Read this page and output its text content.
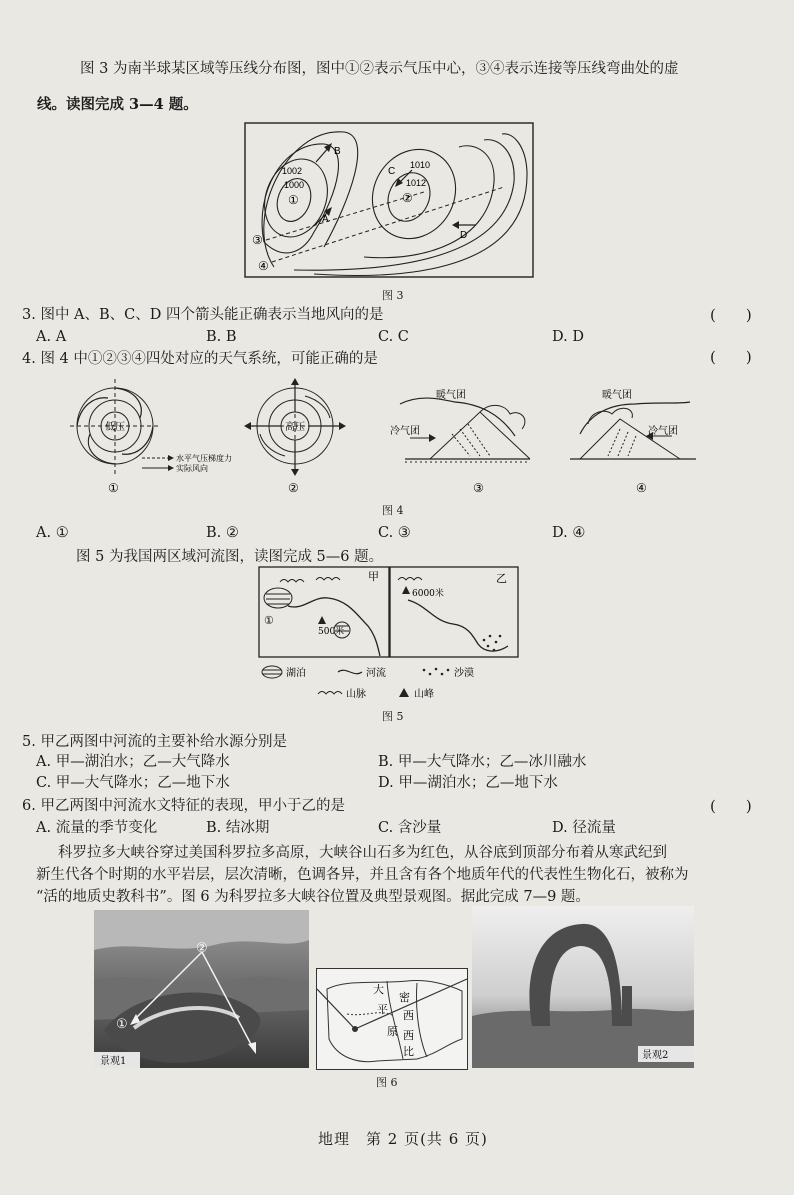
图 3 为南半球某区域等压线分布图，图中①②表示气压中心，③④表示连接等压线弯曲处的虚
线。读图完成 3—4 题。
1002
1000
①
1010
1012
②
③
④
A
B
C
D
图 3
3. 图中 A、B、C、D 四个箭头能正确表示当地风向的是	(　　)
A. A	B. B	C. C	D. D
4. 图 4 中①②③④四处对应的天气系统，可能正确的是	(　　)
低压
水平气压梯度力
实际风向
①
高压
②
暖气团
冷气团
③
暖气团
冷气团
④
图 4
A. ①	B. ②	C. ③	D. ④
图 5 为我国两区域河流图，读图完成 5—6 题。
500米
①
甲
6000米
乙
湖泊	河流	沙漠
山脉	山峰
图 5
5. 甲乙两图中河流的主要补给水源分别是
A. 甲—湖泊水；乙—大气降水	B. 甲—大气降水；乙—冰川融水
C. 甲—大气降水；乙—地下水	D. 甲—湖泊水；乙—地下水
6. 甲乙两图中河流水文特征的表现，甲小于乙的是	(　　)
A. 流量的季节变化	B. 结冰期	C. 含沙量	D. 径流量
科罗拉多大峡谷穿过美国科罗拉多高原，大峡谷山石多为红色，从谷底到顶部分布着从寒武纪到
新生代各个时期的水平岩层，层次清晰，色调各异，并且含有各个地质年代的代表性生物化石，被称为
“活的地质史教科书”。图 6 为科罗拉多大峡谷位置及典型景观图。据此完成 7—9 题。
景观1
①
②
大
密
平 西
原 西
比	景观2
图 6
地理　第 2 页(共 6 页)
